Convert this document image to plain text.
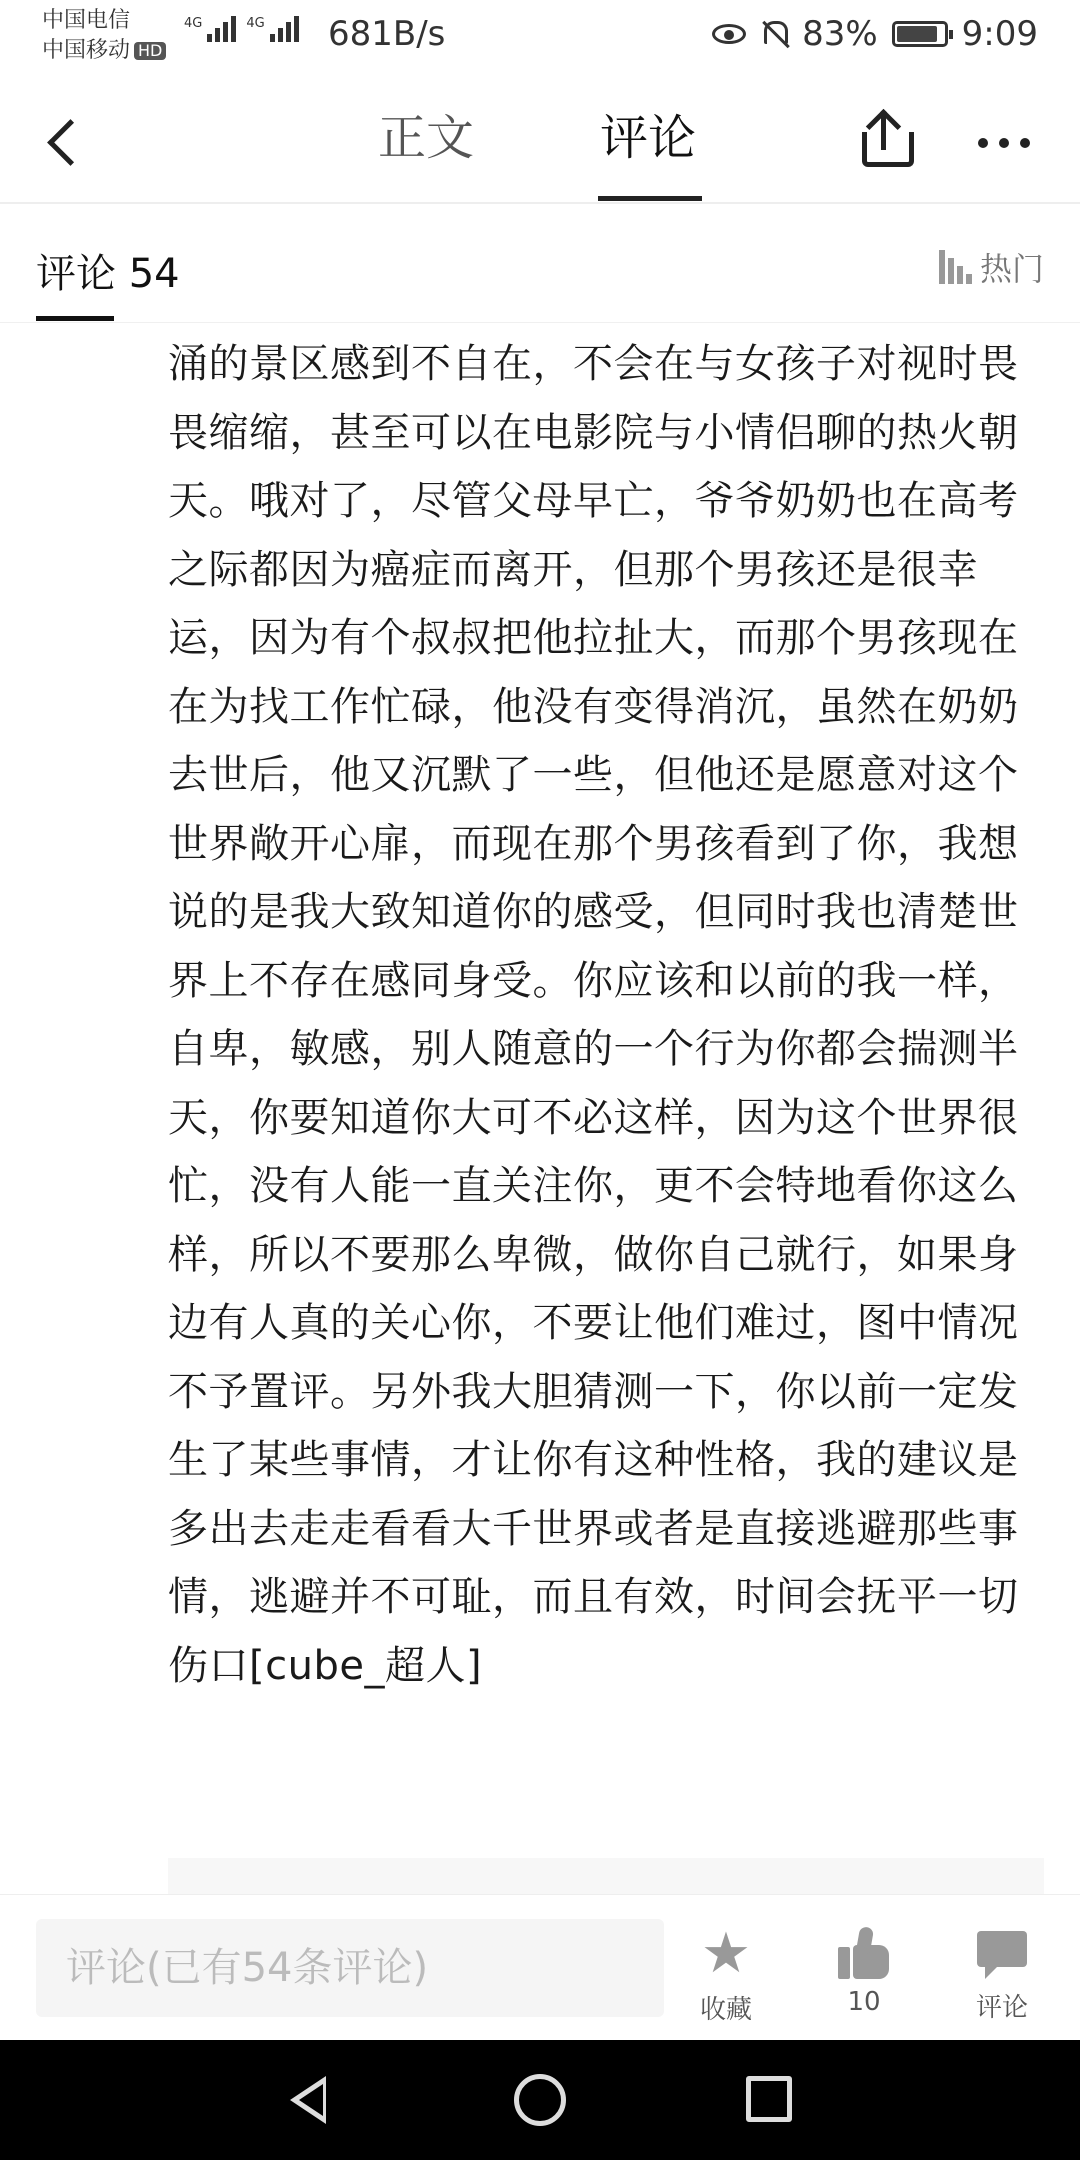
中国电信
中国移动 HD
4G	4G 681B/s	83% 9:09
正文	评论
评论 54	热门

涌的景区感到不自在，不会在与女孩子对视时畏畏缩缩，甚至可以在电影院与小情侣聊的热火朝天。哦对了，尽管父母早亡，爷爷奶奶也在高考之际都因为癌症而离开，但那个男孩还是很幸运，因为有个叔叔把他拉扯大，而那个男孩现在在为找工作忙碌，他没有变得消沉，虽然在奶奶去世后，他又沉默了一些，但他还是愿意对这个世界敞开心扉，而现在那个男孩看到了你，我想说的是我大致知道你的感受，但同时我也清楚世界上不存在感同身受。你应该和以前的我一样，自卑，敏感，别人随意的一个行为你都会揣测半天，你要知道你大可不必这样，因为这个世界很忙，没有人能一直关注你，更不会特地看你这么样，所以不要那么卑微，做你自己就行，如果身边有人真的关心你，不要让他们难过，图中情况不予置评。另外我大胆猜测一下，你以前一定发生了某些事情，才让你有这种性格，我的建议是多出去走走看看大千世界或者是直接逃避那些事情，逃避并不可耻，而且有效，时间会抚平一切伤口[cube_超人]

评论(已有54条评论)
★
收藏	10	评论
